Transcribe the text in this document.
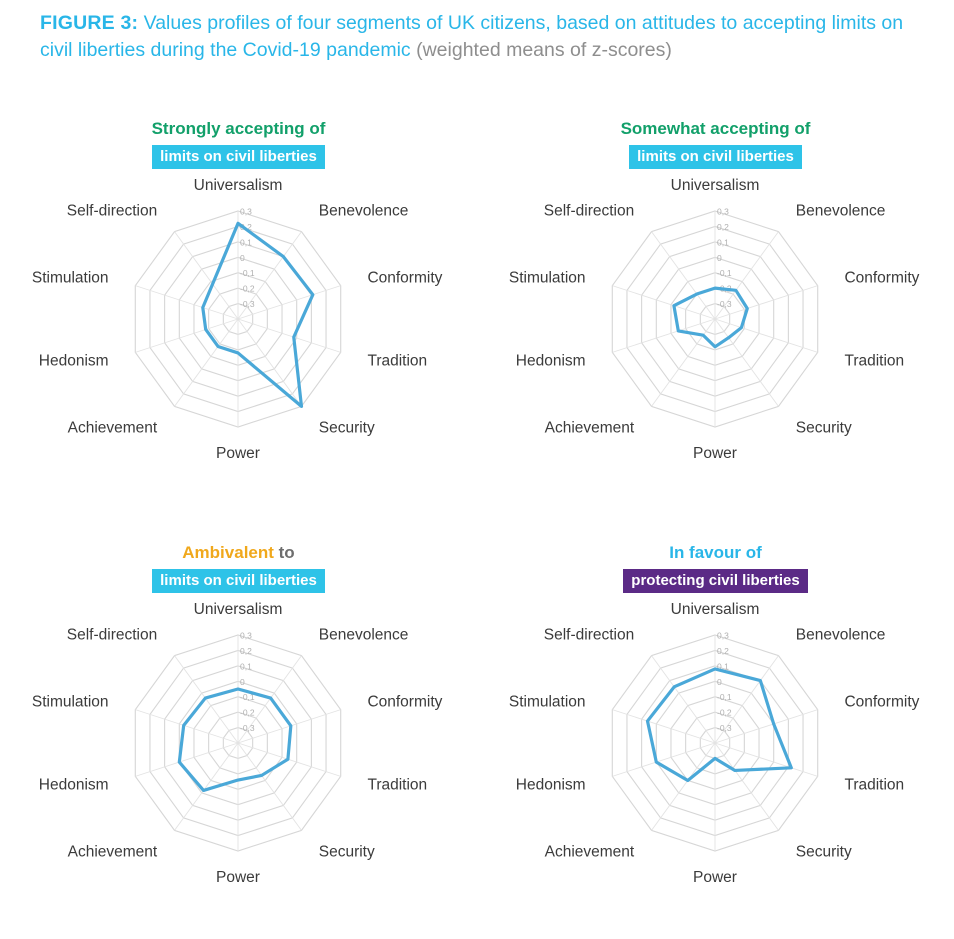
FIGURE 3: Values profiles of four segments of UK citizens, based on attitudes to accepting limits on civil liberties during the Covid-19 pandemic (weighted means of z-scores)
Strongly accepting of
limits on civil liberties
0,3
0,2
0,1
0
-0,1
-0,2
-0,3
Universalism
Benevolence
Conformity
Tradition
Security
Power
Achievement
Hedonism
Stimulation
Self-direction
Somewhat accepting of
limits on civil liberties
0,3
0,2
0,1
0
-0,1
-0,2
-0,3
Universalism
Benevolence
Conformity
Tradition
Security
Power
Achievement
Hedonism
Stimulation
Self-direction
Ambivalent to
limits on civil liberties
0,3
0,2
0,1
0
-0,1
-0,2
-0,3
Universalism
Benevolence
Conformity
Tradition
Security
Power
Achievement
Hedonism
Stimulation
Self-direction
In favour of
protecting civil liberties
0,3
0,2
0,1
0
-0,1
-0,2
-0,3
Universalism
Benevolence
Conformity
Tradition
Security
Power
Achievement
Hedonism
Stimulation
Self-direction
